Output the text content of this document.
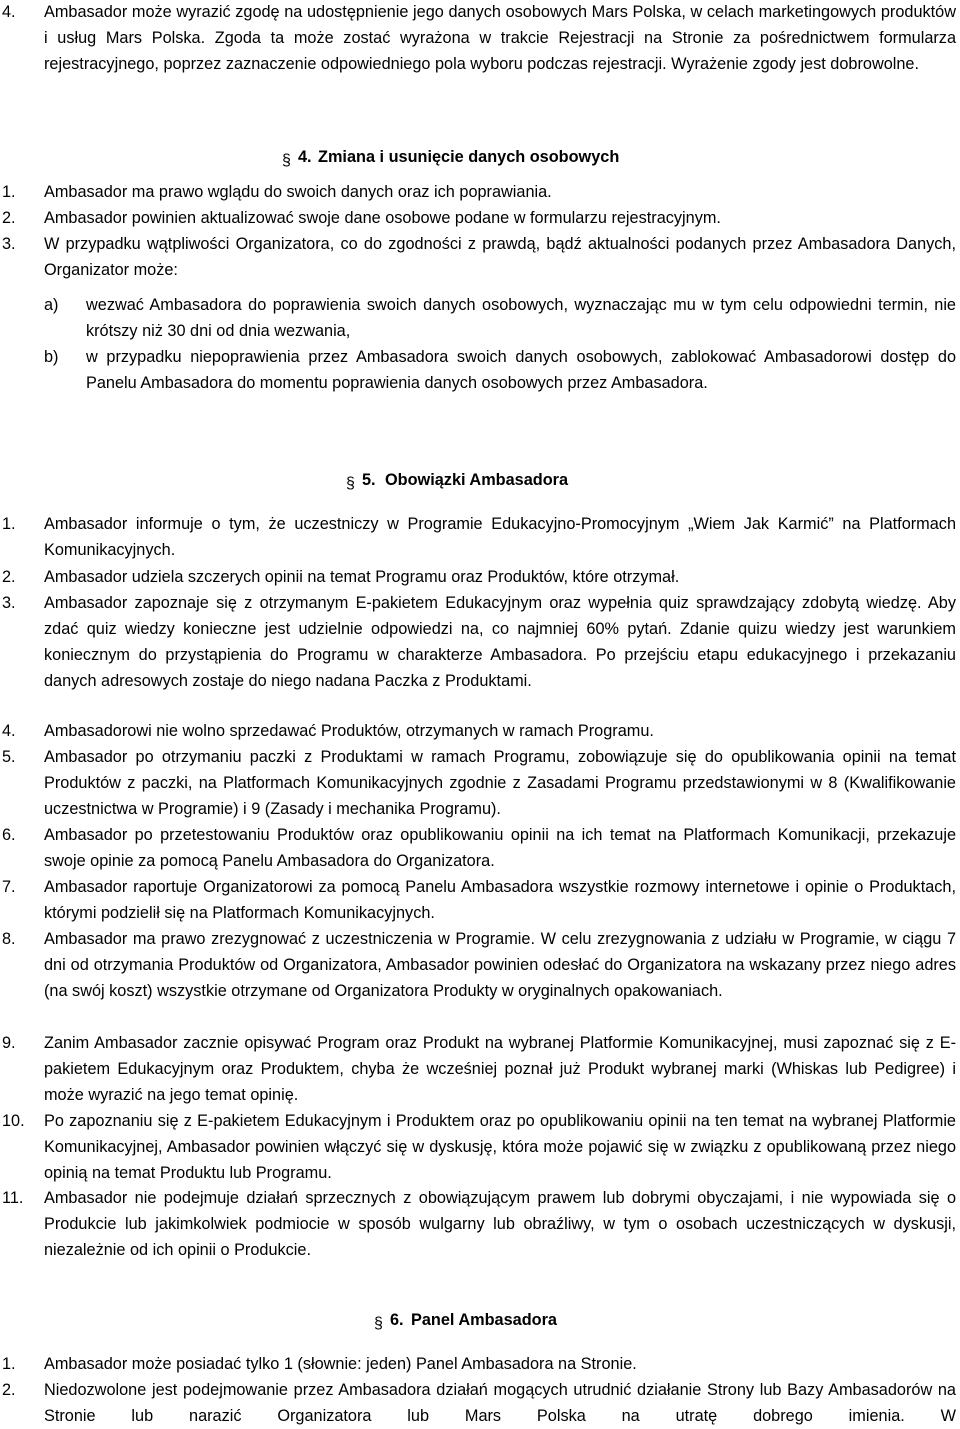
4.	Ambasador może wyrazić zgodę na udostępnienie jego danych osobowych Mars Polska, w celach marketingowych produktów i usług Mars Polska. Zgoda ta może zostać wyrażona w trakcie Rejestracji na Stronie za pośrednictwem formularza rejestracyjnego, poprzez zaznaczenie odpowiedniego pola wyboru podczas rejestracji. Wyrażenie zgody jest dobrowolne.
§ 4. Zmiana i usunięcie danych osobowych
1.	Ambasador ma prawo wglądu do swoich danych oraz ich poprawiania.
2.	Ambasador powinien aktualizować swoje dane osobowe podane w formularzu rejestracyjnym.
3.	W przypadku wątpliwości Organizatora, co do zgodności z prawdą, bądź aktualności podanych przez Ambasadora Danych, Organizator może:
a)	wezwać Ambasadora do poprawienia swoich danych osobowych, wyznaczając mu w tym celu odpowiedni termin, nie krótszy niż 30 dni od dnia wezwania,
b)	w przypadku niepoprawienia przez Ambasadora swoich danych osobowych, zablokować Ambasadorowi dostęp do Panelu Ambasadora do momentu poprawienia danych osobowych przez Ambasadora.
§ 5. Obowiązki Ambasadora
1.	Ambasador informuje o tym, że uczestniczy w Programie Edukacyjno-Promocyjnym „Wiem Jak Karmić” na Platformach Komunikacyjnych.
2.	Ambasador udziela szczerych opinii na temat Programu oraz Produktów, które otrzymał.
3.	Ambasador zapoznaje się z otrzymanym E-pakietem Edukacyjnym oraz wypełnia quiz sprawdzający zdobytą wiedzę. Aby zdać quiz wiedzy konieczne jest udzielnie odpowiedzi na, co najmniej 60% pytań. Zdanie quizu wiedzy jest warunkiem koniecznym do przystąpienia do Programu w charakterze Ambasadora. Po przejściu etapu edukacyjnego i przekazaniu danych adresowych zostaje do niego nadana Paczka z Produktami.
4.	Ambasadorowi nie wolno sprzedawać Produktów, otrzymanych w ramach Programu.
5.	Ambasador po otrzymaniu paczki z Produktami w ramach Programu, zobowiązuje się do opublikowania opinii na temat Produktów z paczki, na Platformach Komunikacyjnych zgodnie z Zasadami Programu przedstawionymi w 8 (Kwalifikowanie uczestnictwa w Programie) i 9 (Zasady i mechanika Programu).
6.	Ambasador po przetestowaniu Produktów oraz opublikowaniu opinii na ich temat na Platformach Komunikacji, przekazuje swoje opinie za pomocą Panelu Ambasadora do Organizatora.
7.	Ambasador raportuje Organizatorowi za pomocą Panelu Ambasadora wszystkie rozmowy internetowe i opinie o Produktach, którymi podzielił się na Platformach Komunikacyjnych.
8.	Ambasador ma prawo zrezygnować z uczestniczenia w Programie. W celu zrezygnowania z udziału w Programie, w ciągu 7 dni od otrzymania Produktów od Organizatora, Ambasador powinien odesłać do Organizatora na wskazany przez niego adres (na swój koszt) wszystkie otrzymane od Organizatora Produkty w oryginalnych opakowaniach.
9.	Zanim Ambasador zacznie opisywać Program oraz Produkt na wybranej Platformie Komunikacyjnej, musi zapoznać się z E-pakietem Edukacyjnym oraz Produktem, chyba że wcześniej poznał już Produkt wybranej marki (Whiskas lub Pedigree) i może wyrazić na jego temat opinię.
10.	Po zapoznaniu się z E-pakietem Edukacyjnym i Produktem oraz po opublikowaniu opinii na ten temat na wybranej Platformie Komunikacyjnej, Ambasador powinien włączyć się w dyskusję, która może pojawić się w związku z opublikowaną przez niego opinią na temat Produktu lub Programu.
11.	Ambasador nie podejmuje działań sprzecznych z obowiązującym prawem lub dobrymi obyczajami, i nie wypowiada się o Produkcie lub jakimkolwiek podmiocie w sposób wulgarny lub obraźliwy, w tym o osobach uczestniczących w dyskusji, niezależnie od ich opinii o Produkcie.
§ 6. Panel Ambasadora
1.	Ambasador może posiadać tylko 1 (słownie: jeden) Panel Ambasadora na Stronie.
2.	Niedozwolone jest podejmowanie przez Ambasadora działań mogących utrudnić działanie Strony lub Bazy Ambasadorów na Stronie lub narazić Organizatora lub Mars Polska na utratę dobrego imienia. W
